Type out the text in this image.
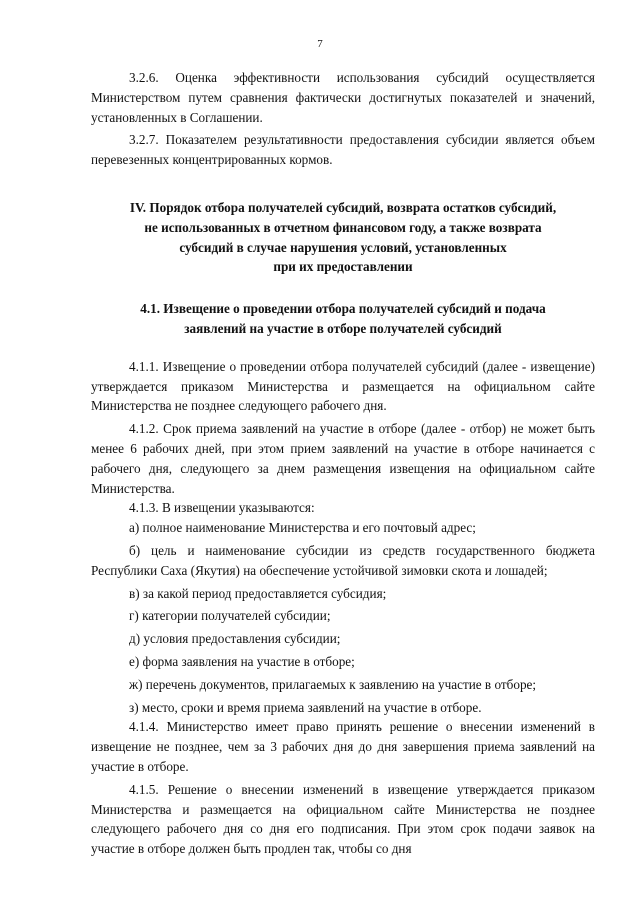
7

3.2.6. Оценка эффективности использования субсидий осуществляется Министерством путем сравнения фактически достигнутых показателей и значений, установленных в Соглашении.

3.2.7. Показателем результативности предоставления субсидии является объем перевезенных концентрированных кормов.

IV. Порядок отбора получателей субсидий, возврата остатков субсидий,
не использованных в отчетном финансовом году, а также возврата
субсидий в случае нарушения условий, установленных
при их предоставлении
4.1. Извещение о проведении отбора получателей субсидий и подача
заявлений на участие в отборе получателей субсидий

4.1.1. Извещение о проведении отбора получателей субсидий (далее - извещение) утверждается приказом Министерства и размещается на официальном сайте Министерства не позднее следующего рабочего дня.

4.1.2. Срок приема заявлений на участие в отборе (далее - отбор) не может быть менее 6 рабочих дней, при этом прием заявлений на участие в отборе начинается с рабочего дня, следующего за днем размещения извещения на официальном сайте Министерства.

4.1.3. В извещении указываются:

а) полное наименование Министерства и его почтовый адрес;

б) цель и наименование субсидии из средств государственного бюджета Республики Саха (Якутия) на обеспечение устойчивой зимовки скота и лошадей;

в) за какой период предоставляется субсидия;

г) категории получателей субсидии;

д) условия предоставления субсидии;

е) форма заявления на участие в отборе;

ж) перечень документов, прилагаемых к заявлению на участие в отборе;

з) место, сроки и время приема заявлений на участие в отборе.

4.1.4. Министерство имеет право принять решение о внесении изменений в извещение не позднее, чем за 3 рабочих дня до дня завершения приема заявлений на участие в отборе.

4.1.5. Решение о внесении изменений в извещение утверждается приказом Министерства и размещается на официальном сайте Министерства не позднее следующего рабочего дня со дня его подписания. При этом срок подачи заявок на участие в отборе должен быть продлен так, чтобы со дня
